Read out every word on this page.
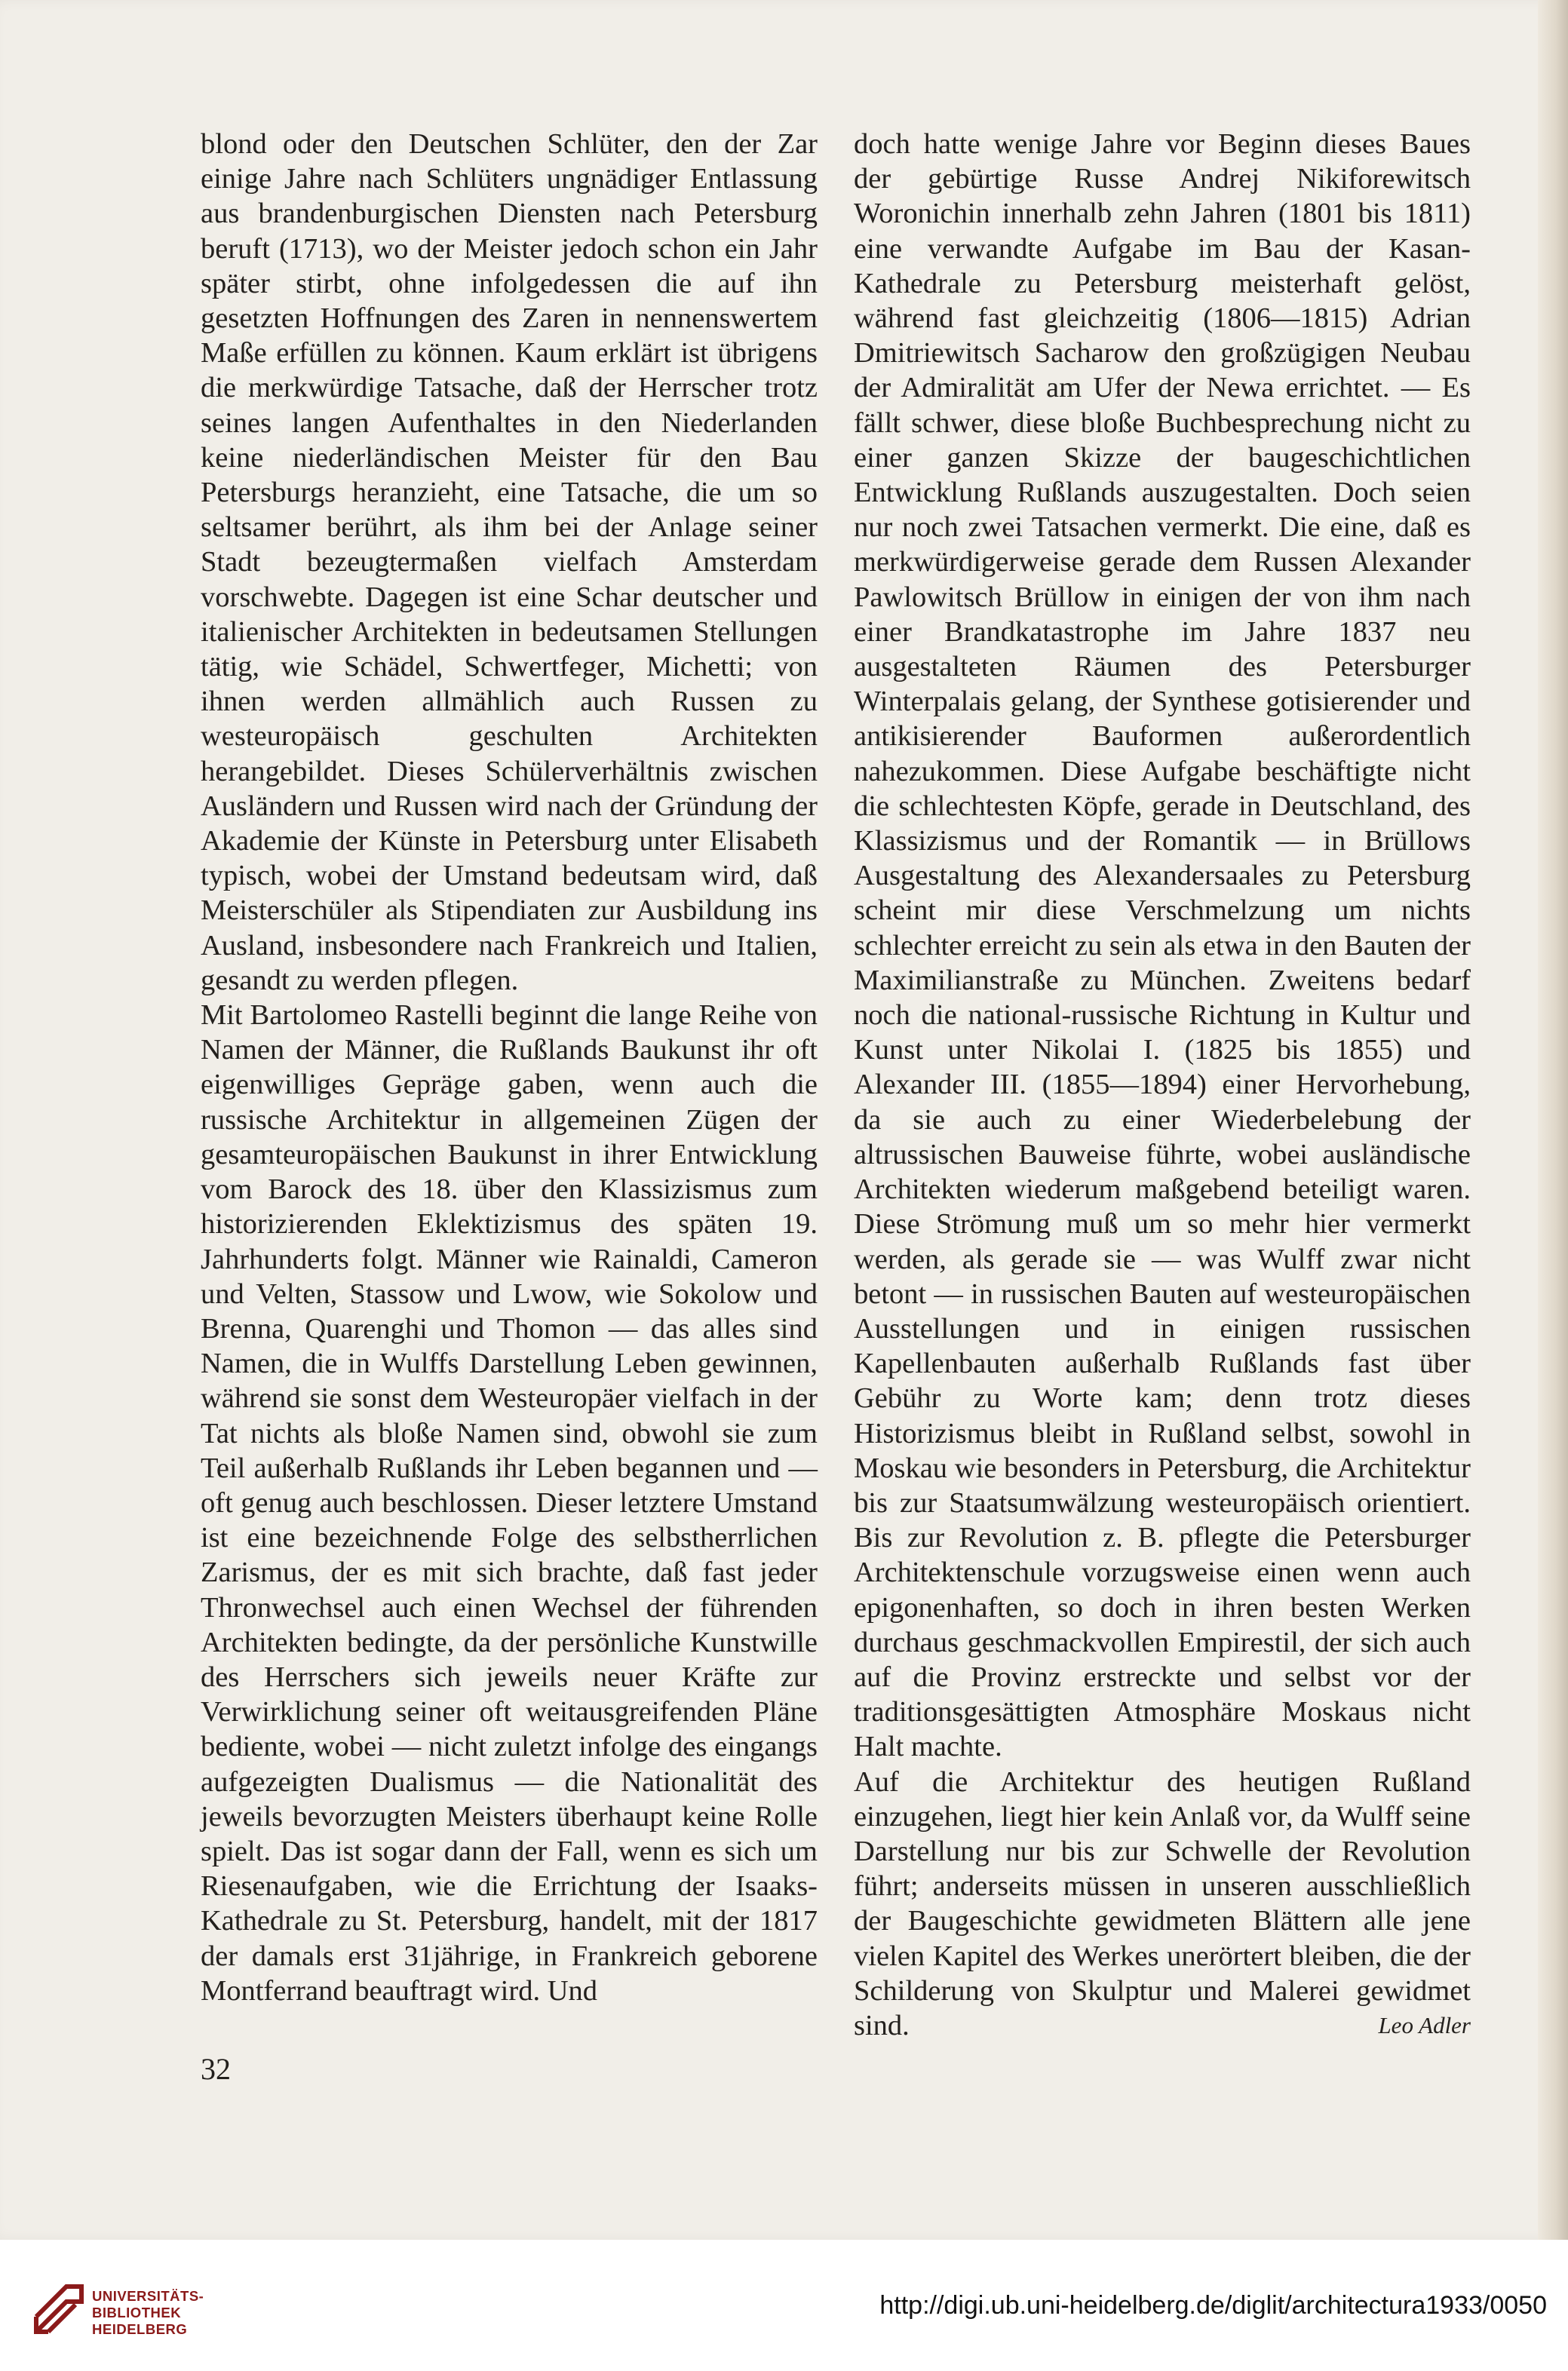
blond oder den Deutschen Schlüter, den der Zar einige Jahre nach Schlüters ungnädiger Entlassung aus brandenburgischen Diensten nach Petersburg beruft (1713), wo der Meister jedoch schon ein Jahr später stirbt, ohne infolgedessen die auf ihn gesetzten Hoffnungen des Zaren in nennenswertem Maße erfüllen zu können. Kaum erklärt ist übrigens die merkwürdige Tatsache, daß der Herrscher trotz seines langen Aufenthaltes in den Niederlanden keine niederländischen Meister für den Bau Petersburgs heranzieht, eine Tatsache, die um so seltsamer berührt, als ihm bei der Anlage seiner Stadt bezeugtermaßen vielfach Amsterdam vorschwebte. Dagegen ist eine Schar deutscher und italienischer Architekten in bedeutsamen Stellungen tätig, wie Schädel, Schwertfeger, Michetti; von ihnen werden allmählich auch Russen zu westeuropäisch geschulten Architekten herangebildet. Dieses Schülerverhältnis zwischen Ausländern und Russen wird nach der Gründung der Akademie der Künste in Petersburg unter Elisabeth typisch, wobei der Umstand bedeutsam wird, daß Meisterschüler als Stipendiaten zur Ausbildung ins Ausland, insbesondere nach Frankreich und Italien, gesandt zu werden pflegen.

Mit Bartolomeo Rastelli beginnt die lange Reihe von Namen der Männer, die Rußlands Baukunst ihr oft eigenwilliges Gepräge gaben, wenn auch die russische Architektur in allgemeinen Zügen der gesamteuropäischen Baukunst in ihrer Entwicklung vom Barock des 18. über den Klassizismus zum historizierenden Eklektizismus des späten 19. Jahrhunderts folgt. Männer wie Rainaldi, Cameron und Velten, Stassow und Lwow, wie Sokolow und Brenna, Quarenghi und Thomon — das alles sind Namen, die in Wulffs Darstellung Leben gewinnen, während sie sonst dem Westeuropäer vielfach in der Tat nichts als bloße Namen sind, obwohl sie zum Teil außerhalb Rußlands ihr Leben begannen und — oft genug auch beschlossen. Dieser letztere Umstand ist eine bezeichnende Folge des selbstherrlichen Zarismus, der es mit sich brachte, daß fast jeder Thronwechsel auch einen Wechsel der führenden Architekten bedingte, da der persönliche Kunstwille des Herrschers sich jeweils neuer Kräfte zur Verwirklichung seiner oft weitausgreifenden Pläne bediente, wobei — nicht zuletzt infolge des eingangs aufgezeigten Dualismus — die Nationalität des jeweils bevorzugten Meisters überhaupt keine Rolle spielt. Das ist sogar dann der Fall, wenn es sich um Riesenaufgaben, wie die Errichtung der Isaaks-Kathedrale zu St. Petersburg, handelt, mit der 1817 der damals erst 31jährige, in Frankreich geborene Montferrand beauftragt wird. Und

doch hatte wenige Jahre vor Beginn dieses Baues der gebürtige Russe Andrej Nikiforewitsch Woronichin innerhalb zehn Jahren (1801 bis 1811) eine verwandte Aufgabe im Bau der Kasan-Kathedrale zu Petersburg meisterhaft gelöst, während fast gleichzeitig (1806—1815) Adrian Dmitriewitsch Sacharow den großzügigen Neubau der Admiralität am Ufer der Newa errichtet. — Es fällt schwer, diese bloße Buchbesprechung nicht zu einer ganzen Skizze der baugeschichtlichen Entwicklung Rußlands auszugestalten. Doch seien nur noch zwei Tatsachen vermerkt. Die eine, daß es merkwürdigerweise gerade dem Russen Alexander Pawlowitsch Brüllow in einigen der von ihm nach einer Brandkatastrophe im Jahre 1837 neu ausgestalteten Räumen des Petersburger Winterpalais gelang, der Synthese gotisierender und antikisierender Bauformen außerordentlich nahezukommen. Diese Aufgabe beschäftigte nicht die schlechtesten Köpfe, gerade in Deutschland, des Klassizismus und der Romantik — in Brüllows Ausgestaltung des Alexandersaales zu Petersburg scheint mir diese Verschmelzung um nichts schlechter erreicht zu sein als etwa in den Bauten der Maximilianstraße zu München. Zweitens bedarf noch die national-russische Richtung in Kultur und Kunst unter Nikolai I. (1825 bis 1855) und Alexander III. (1855—1894) einer Hervorhebung, da sie auch zu einer Wiederbelebung der altrussischen Bauweise führte, wobei ausländische Architekten wiederum maßgebend beteiligt waren. Diese Strömung muß um so mehr hier vermerkt werden, als gerade sie — was Wulff zwar nicht betont — in russischen Bauten auf westeuropäischen Ausstellungen und in einigen russischen Kapellenbauten außerhalb Rußlands fast über Gebühr zu Worte kam; denn trotz dieses Historizismus bleibt in Rußland selbst, sowohl in Moskau wie besonders in Petersburg, die Architektur bis zur Staatsumwälzung westeuropäisch orientiert. Bis zur Revolution z. B. pflegte die Petersburger Architektenschule vorzugsweise einen wenn auch epigonenhaften, so doch in ihren besten Werken durchaus geschmackvollen Empirestil, der sich auch auf die Provinz erstreckte und selbst vor der traditionsgesättigten Atmosphäre Moskaus nicht Halt machte.

Auf die Architektur des heutigen Rußland einzugehen, liegt hier kein Anlaß vor, da Wulff seine Darstellung nur bis zur Schwelle der Revolution führt; anderseits müssen in unseren ausschließlich der Baugeschichte gewidmeten Blättern alle jene vielen Kapitel des Werkes unerörtert bleiben, die der Schilderung von Skulptur und Malerei gewidmet sind.	Leo Adler

32
UNIVERSITÄTS-
BIBLIOTHEK
HEIDELBERG
http://digi.ub.uni-heidelberg.de/diglit/architectura1933/0050
